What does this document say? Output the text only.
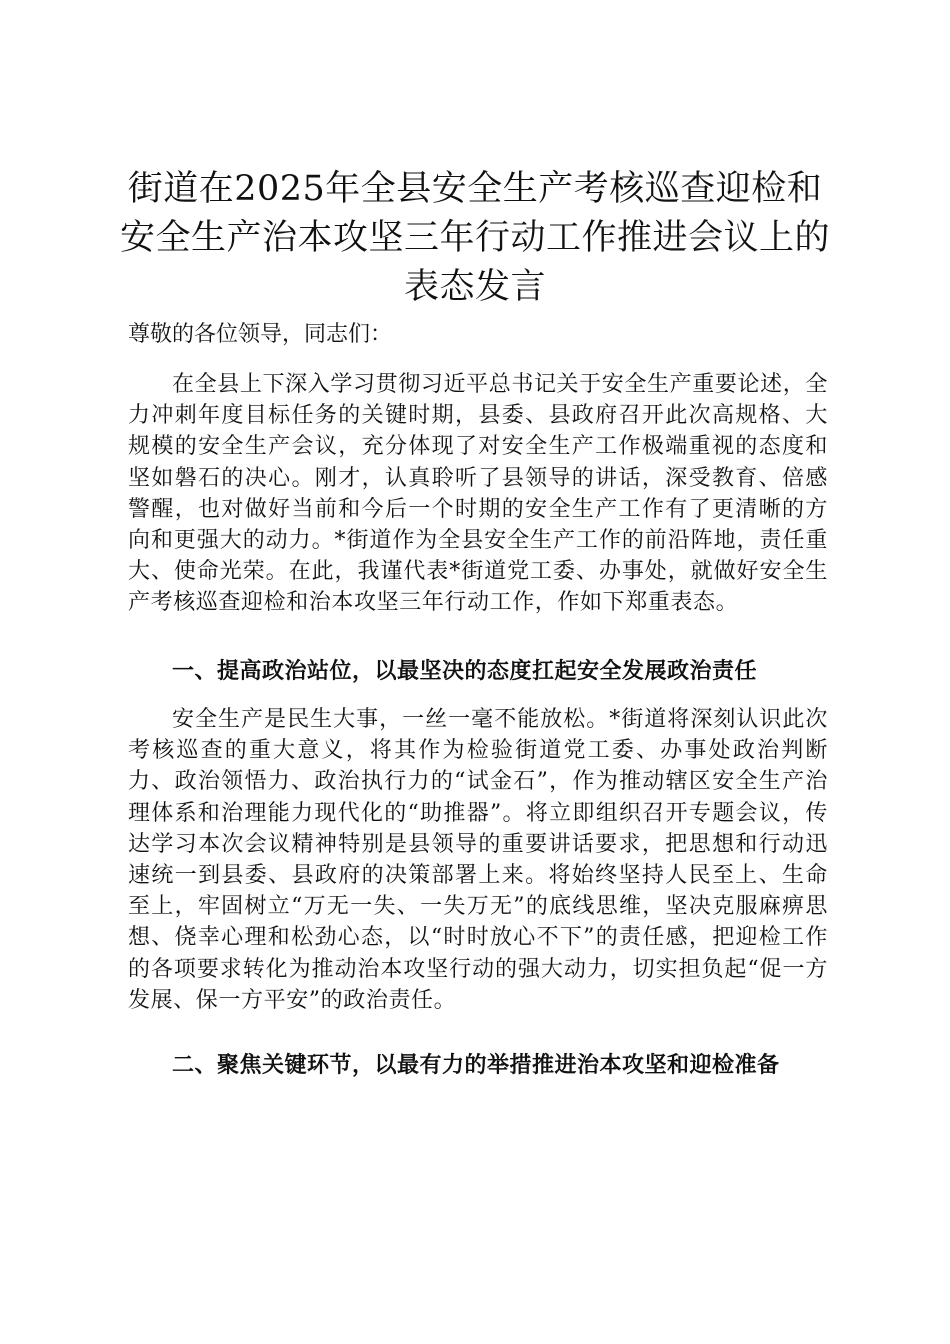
街道在2025年全县安全生产考核巡查迎检和
安全生产治本攻坚三年行动工作推进会议上的
表态发言

尊敬的各位领导，同志们：

在全县上下深入学习贯彻习近平总书记关于安全生产重要论述，全力冲刺年度目标任务的关键时期，县委、县政府召开此次高规格、大规模的安全生产会议，充分体现了对安全生产工作极端重视的态度和坚如磐石的决心。刚才，认真聆听了县领导的讲话，深受教育、倍感警醒，也对做好当前和今后一个时期的安全生产工作有了更清晰的方向和更强大的动力。*街道作为全县安全生产工作的前沿阵地，责任重大、使命光荣。在此，我谨代表*街道党工委、办事处，就做好安全生产考核巡查迎检和治本攻坚三年行动工作，作如下郑重表态。

一、提高政治站位，以最坚决的态度扛起安全发展政治责任

安全生产是民生大事，一丝一毫不能放松。*街道将深刻认识此次考核巡查的重大意义，将其作为检验街道党工委、办事处政治判断力、政治领悟力、政治执行力的“试金石”，作为推动辖区安全生产治理体系和治理能力现代化的“助推器”。将立即组织召开专题会议，传达学习本次会议精神特别是县领导的重要讲话要求，把思想和行动迅速统一到县委、县政府的决策部署上来。将始终坚持人民至上、生命至上，牢固树立“万无一失、一失万无”的底线思维，坚决克服麻痹思想、侥幸心理和松劲心态，以“时时放心不下”的责任感，把迎检工作的各项要求转化为推动治本攻坚行动的强大动力，切实担负起“促一方发展、保一方平安”的政治责任。

二、聚焦关键环节，以最有力的举措推进治本攻坚和迎检准备
